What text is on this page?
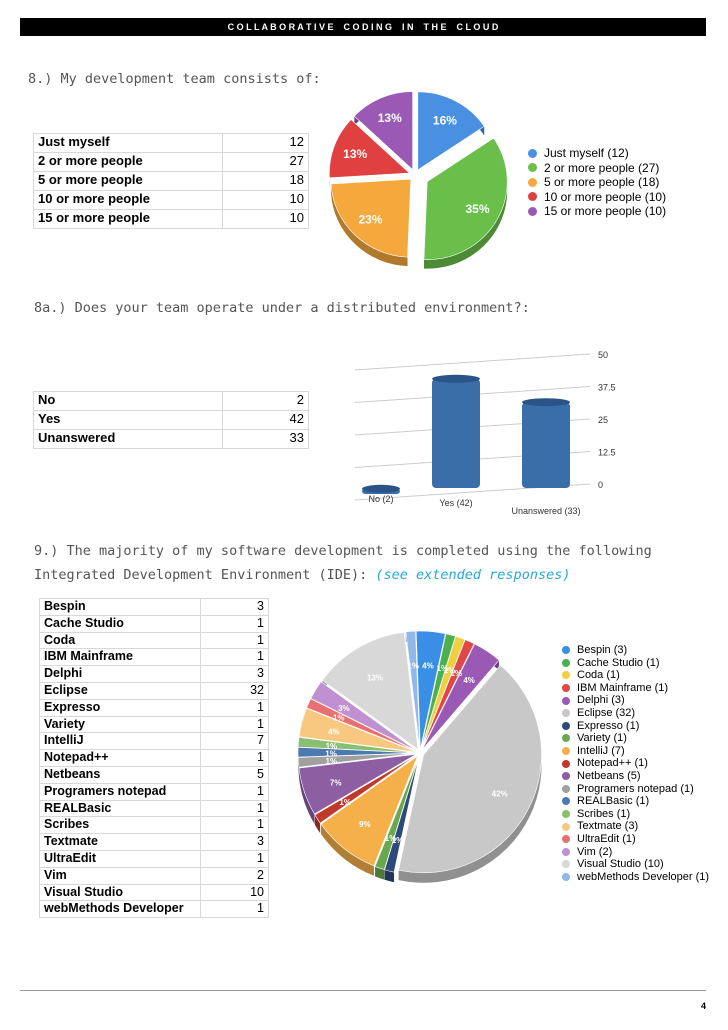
C O L L A B O R A T I V E    C O D I N G    I N    T H E    C L O U D
8.) My development team consists of:
Just myself	12
2 or more people	27
5 or more people	18
10 or more people	10
15 or more people	10
16%
35%
23%
13%
13%
Just myself (12)
2 or more people (27)
5 or more people (18)
10 or more people (10)
15 or more people (10)
8a.) Does your team operate under a distributed environment?:
No	2
Yes	42
Unanswered	33
0
12.5
25
37.5
50
No (2)	Yes (42)
Unanswered (33)
9.) The majority of my software development is completed using the following
Integrated Development Environment (IDE): (see extended responses)
Bespin	3
Cache Studio	1
Coda	1
IBM Mainframe	1
Delphi	3
Eclipse	32
Expresso	1
Variety	1
IntelliJ	7
Notepad++	1
Netbeans	5
Programers notepad	1
REALBasic	1
Scribes	1
Textmate	3
UltraEdit	1
Vim	2
Visual Studio	10
webMethods Developer	1
4% 1%
1%
1%
4%
42%
1%
1%
9%
1%
7%
1%
1%
1%
4%
1%
3%
13%
1%
Bespin (3)
Cache Studio (1)
Coda (1)
IBM Mainframe (1)
Delphi (3)
Eclipse (32)
Expresso (1)
Variety (1)
IntelliJ (7)
Notepad++ (1)
Netbeans (5)
Programers notepad (1)
REALBasic (1)
Scribes (1)
Textmate (3)
UltraEdit (1)
Vim (2)
Visual Studio (10)
webMethods Developer (1)
4
